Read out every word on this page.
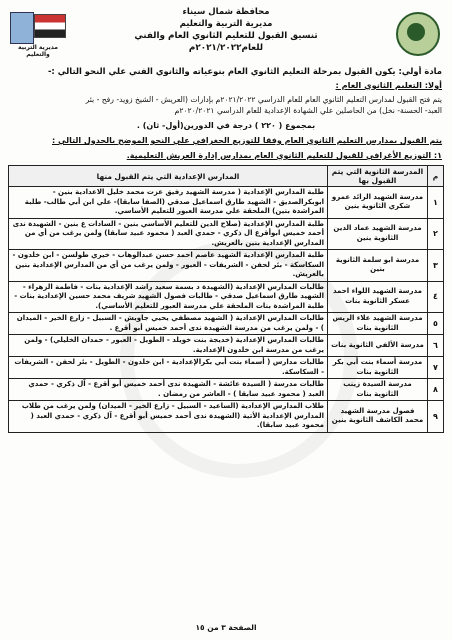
محافظة شمال سيناء
مديرية التربية والتعليم
تنسيق القبول للتعليم الثانوي العام والفني للعام٢٠٢١/٢٠٢٢م
مديرية التربية والتعليم
مادة أولي: يكون القبول بمرحلة التعليم الثانوي العام بنوعياته والثانوي الفني علي النحو التالي :-
أولا: التعليم الثانوي العام :
يتم فتح القبول لمدارس التعليم الثانوي العام للعام الدراسي ٢٠٢١/٢٠٢٢م بإدارات (العريش - الشيخ زويد- رفح - بئر
العبد- الحسنة- نخل) من الحاصلين علي الشهادة الإعدادية للعام الدراسي ٢٠٢٠/٢٠٢١م
بمجموع ( ٢٢٠ ) درجة في الدورين(أول- ثان) .
يتم القبول بمدارس التعليم الثانوي العام وفقا للتوزيع الجغرافي علي النحو الموضح بالجدول التالي :
١: التوزيع الأغرافي للقبول للتعليم الثانوي العام بمدارس إدارة العريش التعليمية.
م	المدرسة الثانوية التي يتم القبول بها	المدارس الإعدادية التي يتم القبول منها
١	مدرسة الشهيد الرائد عمرو شكري الثانوية بنين	طلبة المدارس الإعدادية ( مدرسة الشهيد رفيق عزت محمد خليل الاعدادية بنين - ابوبكرالصديق - الشهيد طارق اسماعيل صدقي (الصفا سابقا)- علي ابن أبي طالب- طلبة المراشدة بنين) الملحقة علي مدرسة العبور للتعليم الأساسي.
٢	مدرسة الشهيد عماد الدين الثانوية بنين	طلبة المدارس الإعدادية (صلاح الدين للتعليم الأساسي بنين - السادات ع بنين - الشهيدة ندى أحمد خميس ابوأقرع ال ذكري - حمدي العبد ( محمود عبيد سابقا) ولمن يرغب من أي من المدارس الإعدادية بنين بالعريش.
٣	مدرسة ابو سلمة الثانوية بنين	طلبة المدارس الإعدادية الشهيد عاصم احمد حسن عبدالوهاب - خيري طولسن - ابن خلدون - السكاسكة - بئر لحفن - الشريفات - العبور - ولمن يرغب من أي من المدارس الإعدادية بنين بالعريش.
٤	مدرسة الشهيد اللواء احمد عسكر الثانوية بنات	طالبات المدارس الإعدادية (الشهيدة د بسمة سعيد راشد الإعدادية بنات - فاطمة الزهراء - الشهيد طارق اسماعيل صدقي - طالبات فصول الشهيد شريف محمد حسين الإعدادية بنات - طلبة المراشدة بنات الملحقة علي مدرسة العبور للتعليم الأساسي).
٥	مدرسة الشهيد علاء الريس الثانوية بنات	طالبات المدارس الإعدادية ( الشهيد مصطفي يحيي جاويش - السبيل - زارع الخير - الميدان ) - ولمن يرغب من مدرسة الشهيدة ندى أحمد خميس أبو أقرع .
٦	مدرسة الألفي الثانوية بنات	طالبات المدارس الإعدادية (خديجة بنت خويلد - الطويل - العبور - حمدان الخليلي) - ولمن يرغب من مدرسة ابن خلدون الإعدادية.
٧	مدرسة أسماء بنت أبي بكر الثانوية بنات	طالبات مدارس ( أسماء بنت أبي بكرالإعدادية - ابن خلدون - الطويل - بئر لحفن - الشريفات - السكاسكة.
٨	مدرسة السيدة زينب الثانوية بنات	طالبات مدرسة ( السيدة عائشة - الشهيدة ندى أحمد خميس أبو أقرع - آل ذكري - حمدي العبد ( محمود عبيد سابقا ) - العاشر من رمضان .
٩	فصول مدرسة الشهيد محمد الكاشف الثانوية بنين	طلاب المدارس الإعدادية (الساعيد - السبيل - زارع الخير - الميدان) ولمن يرغب من طلاب المدارس الإعدادية الأتية (الشهيدة ندى أحمد خميس أبو أقرع - آل ذكري - حمدي العبد ( محمود عبيد سابقا).
الصفحة ٣ من ١٥
